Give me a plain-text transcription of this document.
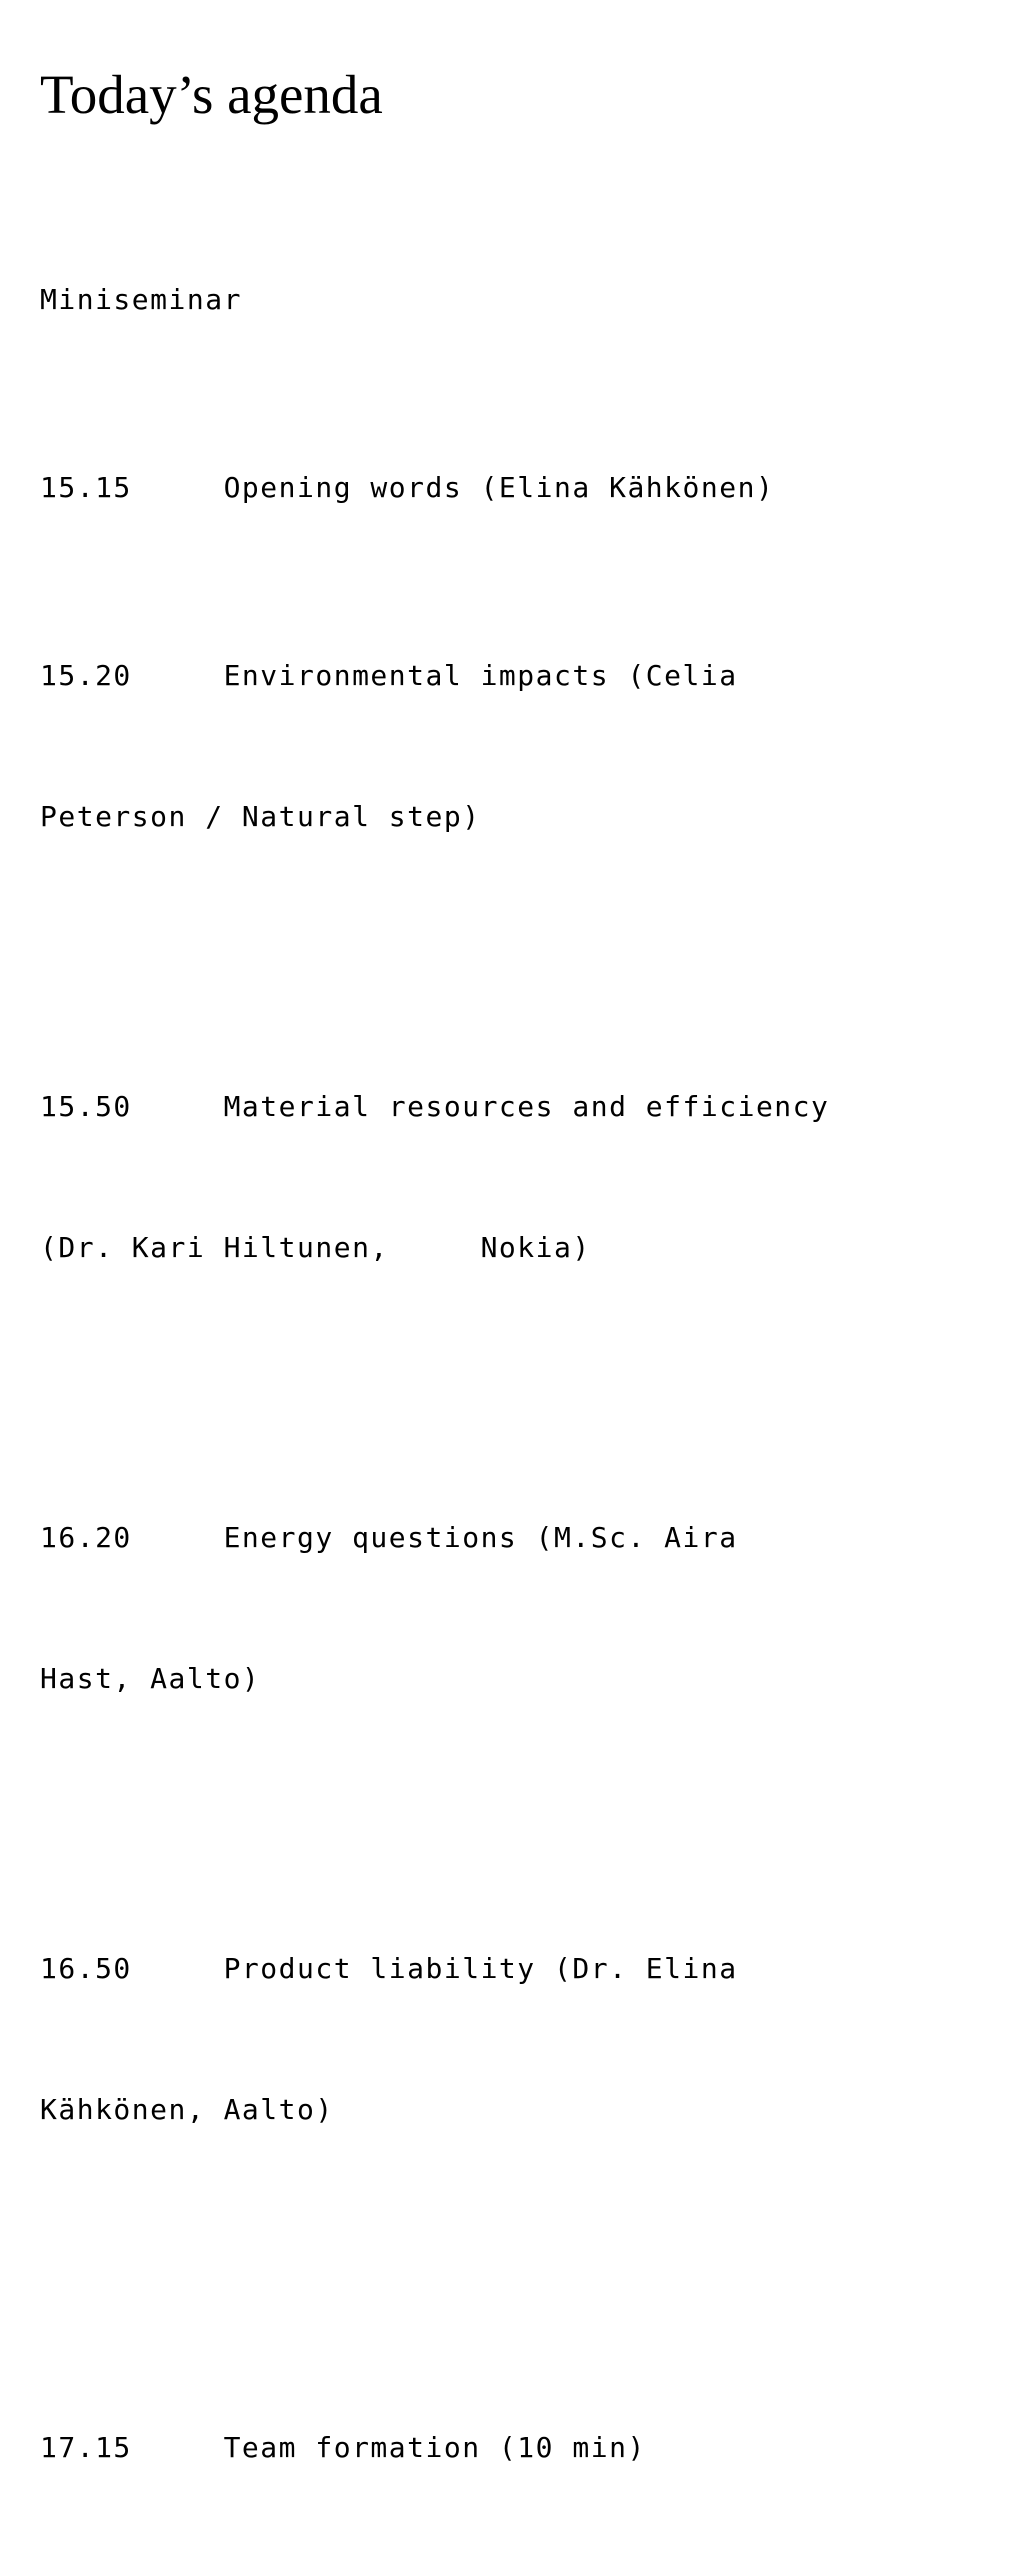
Today’s agenda

Miniseminar

15.15     Opening words (Elina Kähkönen)

15.20     Environmental impacts (Celia

Peterson / Natural step)

15.50     Material resources and efficiency

(Dr. Kari Hiltunen,     Nokia)

16.20     Energy questions (M.Sc. Aira

Hast, Aalto)

16.50     Product liability (Dr. Elina

Kähkönen, Aalto)

17.15     Team formation (10 min)
